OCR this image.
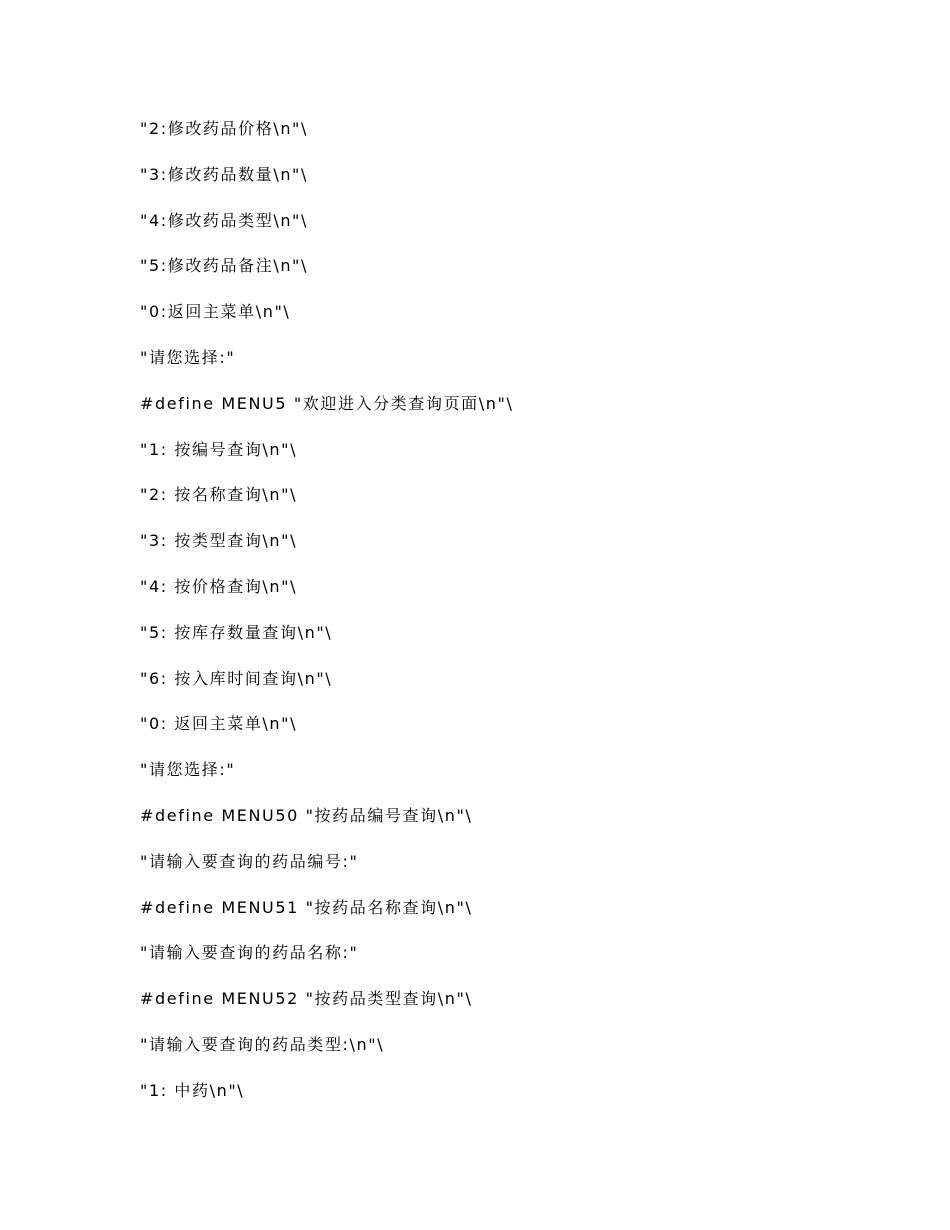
"2:修改药品价格\n"\
"3:修改药品数量\n"\
"4:修改药品类型\n"\
"5:修改药品备注\n"\
"0:返回主菜单\n"\
"请您选择:"
#define MENU5 "欢迎进入分类查询页面\n"\
"1: 按编号查询\n"\
"2: 按名称查询\n"\
"3: 按类型查询\n"\
"4: 按价格查询\n"\
"5: 按库存数量查询\n"\
"6: 按入库时间查询\n"\
"0: 返回主菜单\n"\
"请您选择:"
#define MENU50 "按药品编号查询\n"\
"请输入要查询的药品编号:"
#define MENU51 "按药品名称查询\n"\
"请输入要查询的药品名称:"
#define MENU52 "按药品类型查询\n"\
"请输入要查询的药品类型:\n"\
"1: 中药\n"\
